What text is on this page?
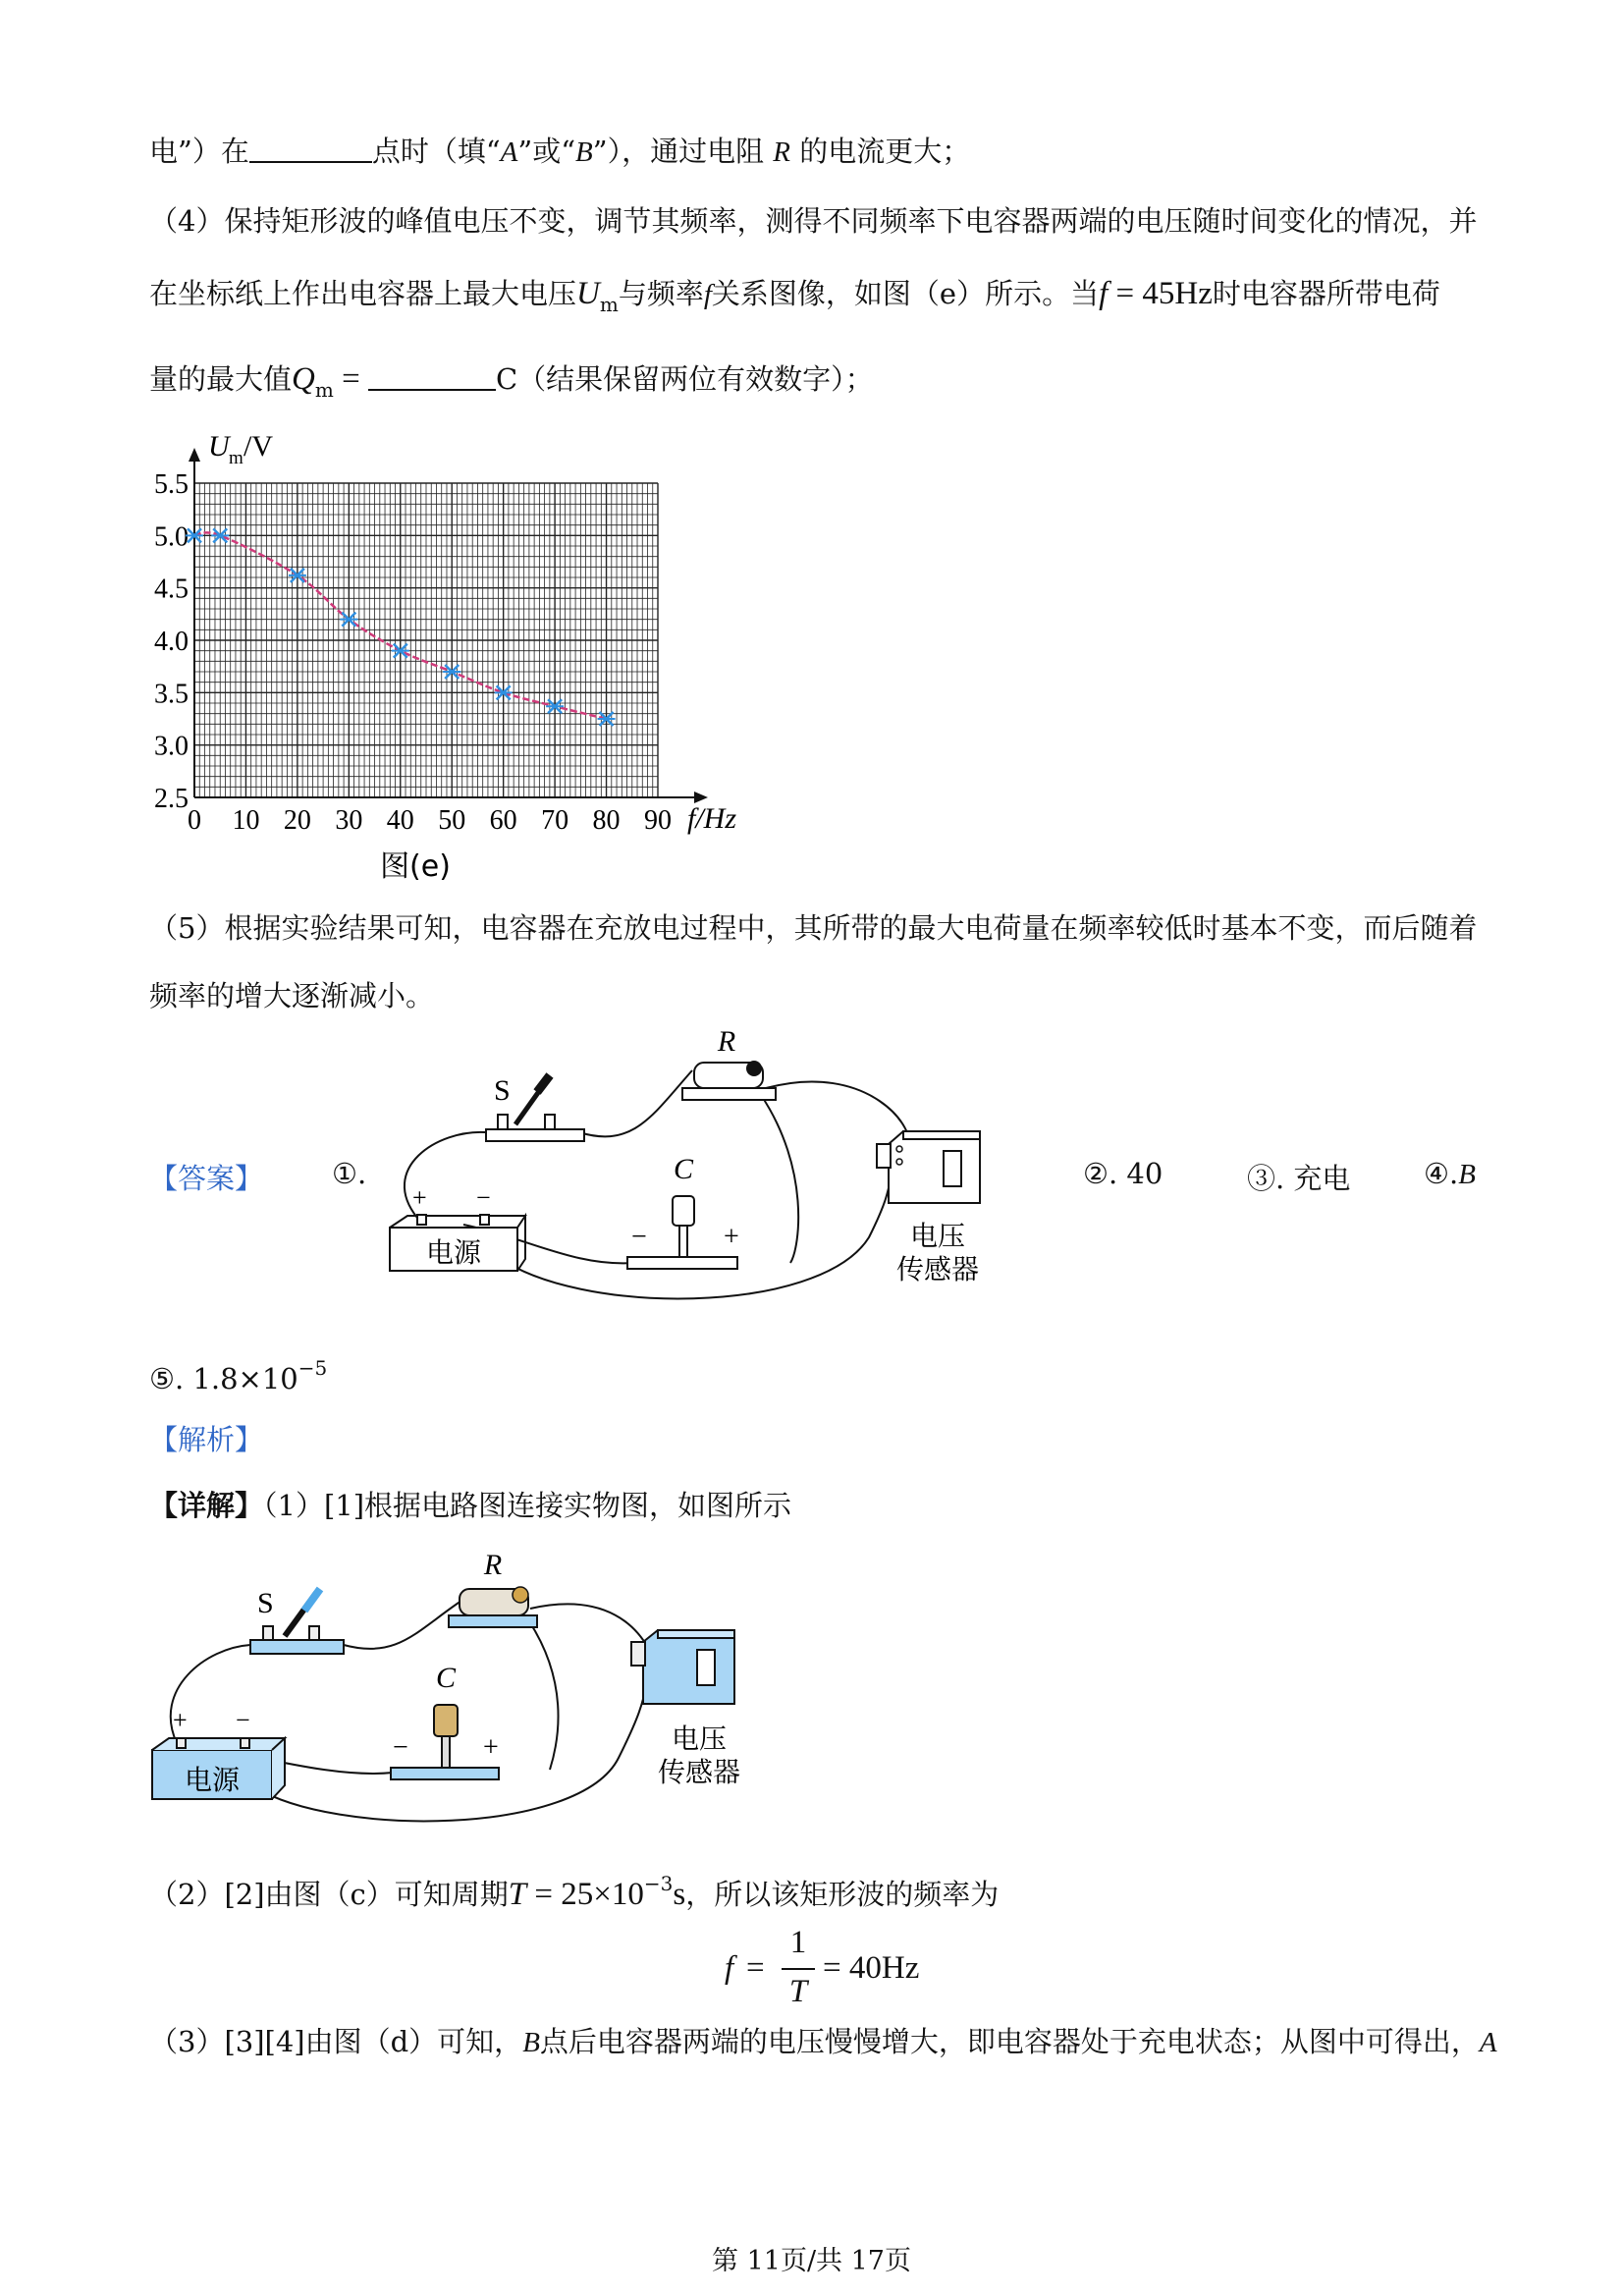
电”）在	点时（填“A”或“B”），通过电阻 R 的电流更大；
（4）保持矩形波的峰值电压不变，调节其频率，测得不同频率下电容器两端的电压随时间变化的情况，并
在坐标纸上作出电容器上最大电压$U_m$与频率f关系图像，如图（e）所示。当f = 45Hz时电容器所带电荷
量的最大值$Q_m$ =	C（结果保留两位有效数字）；
0 10 20 30 40 50 60 70 80 90
2.5
3.0
3.5
4.0
4.5
5.0
5.5
U m /V
f/Hz
图(e)
（5）根据实验结果可知，电容器在充放电过程中，其所带的最大电荷量在频率较低时基本不变，而后随着
频率的增大逐渐减小。
【答案】 ①.	②. 40	③. 充电	④.B
S
R
C
−	+
电源
+ −
电压
传感器
⑤. $1.8\times 10^{-5}$
【解析】
【详解】（1）[1]根据电路图连接实物图，如图所示
S
R
C
−	+
电源
+ −
电压
传感器
（2）[2]由图（c）可知周期$T = 25\times 10^{-3}s$，所以该矩形波的频率为
f =
1
T
= 40Hz
（3）[3][4]由图（d）可知，B点后电容器两端的电压慢慢增大，即电容器处于充电状态；从图中可得出，A
第 11页/共 17页
